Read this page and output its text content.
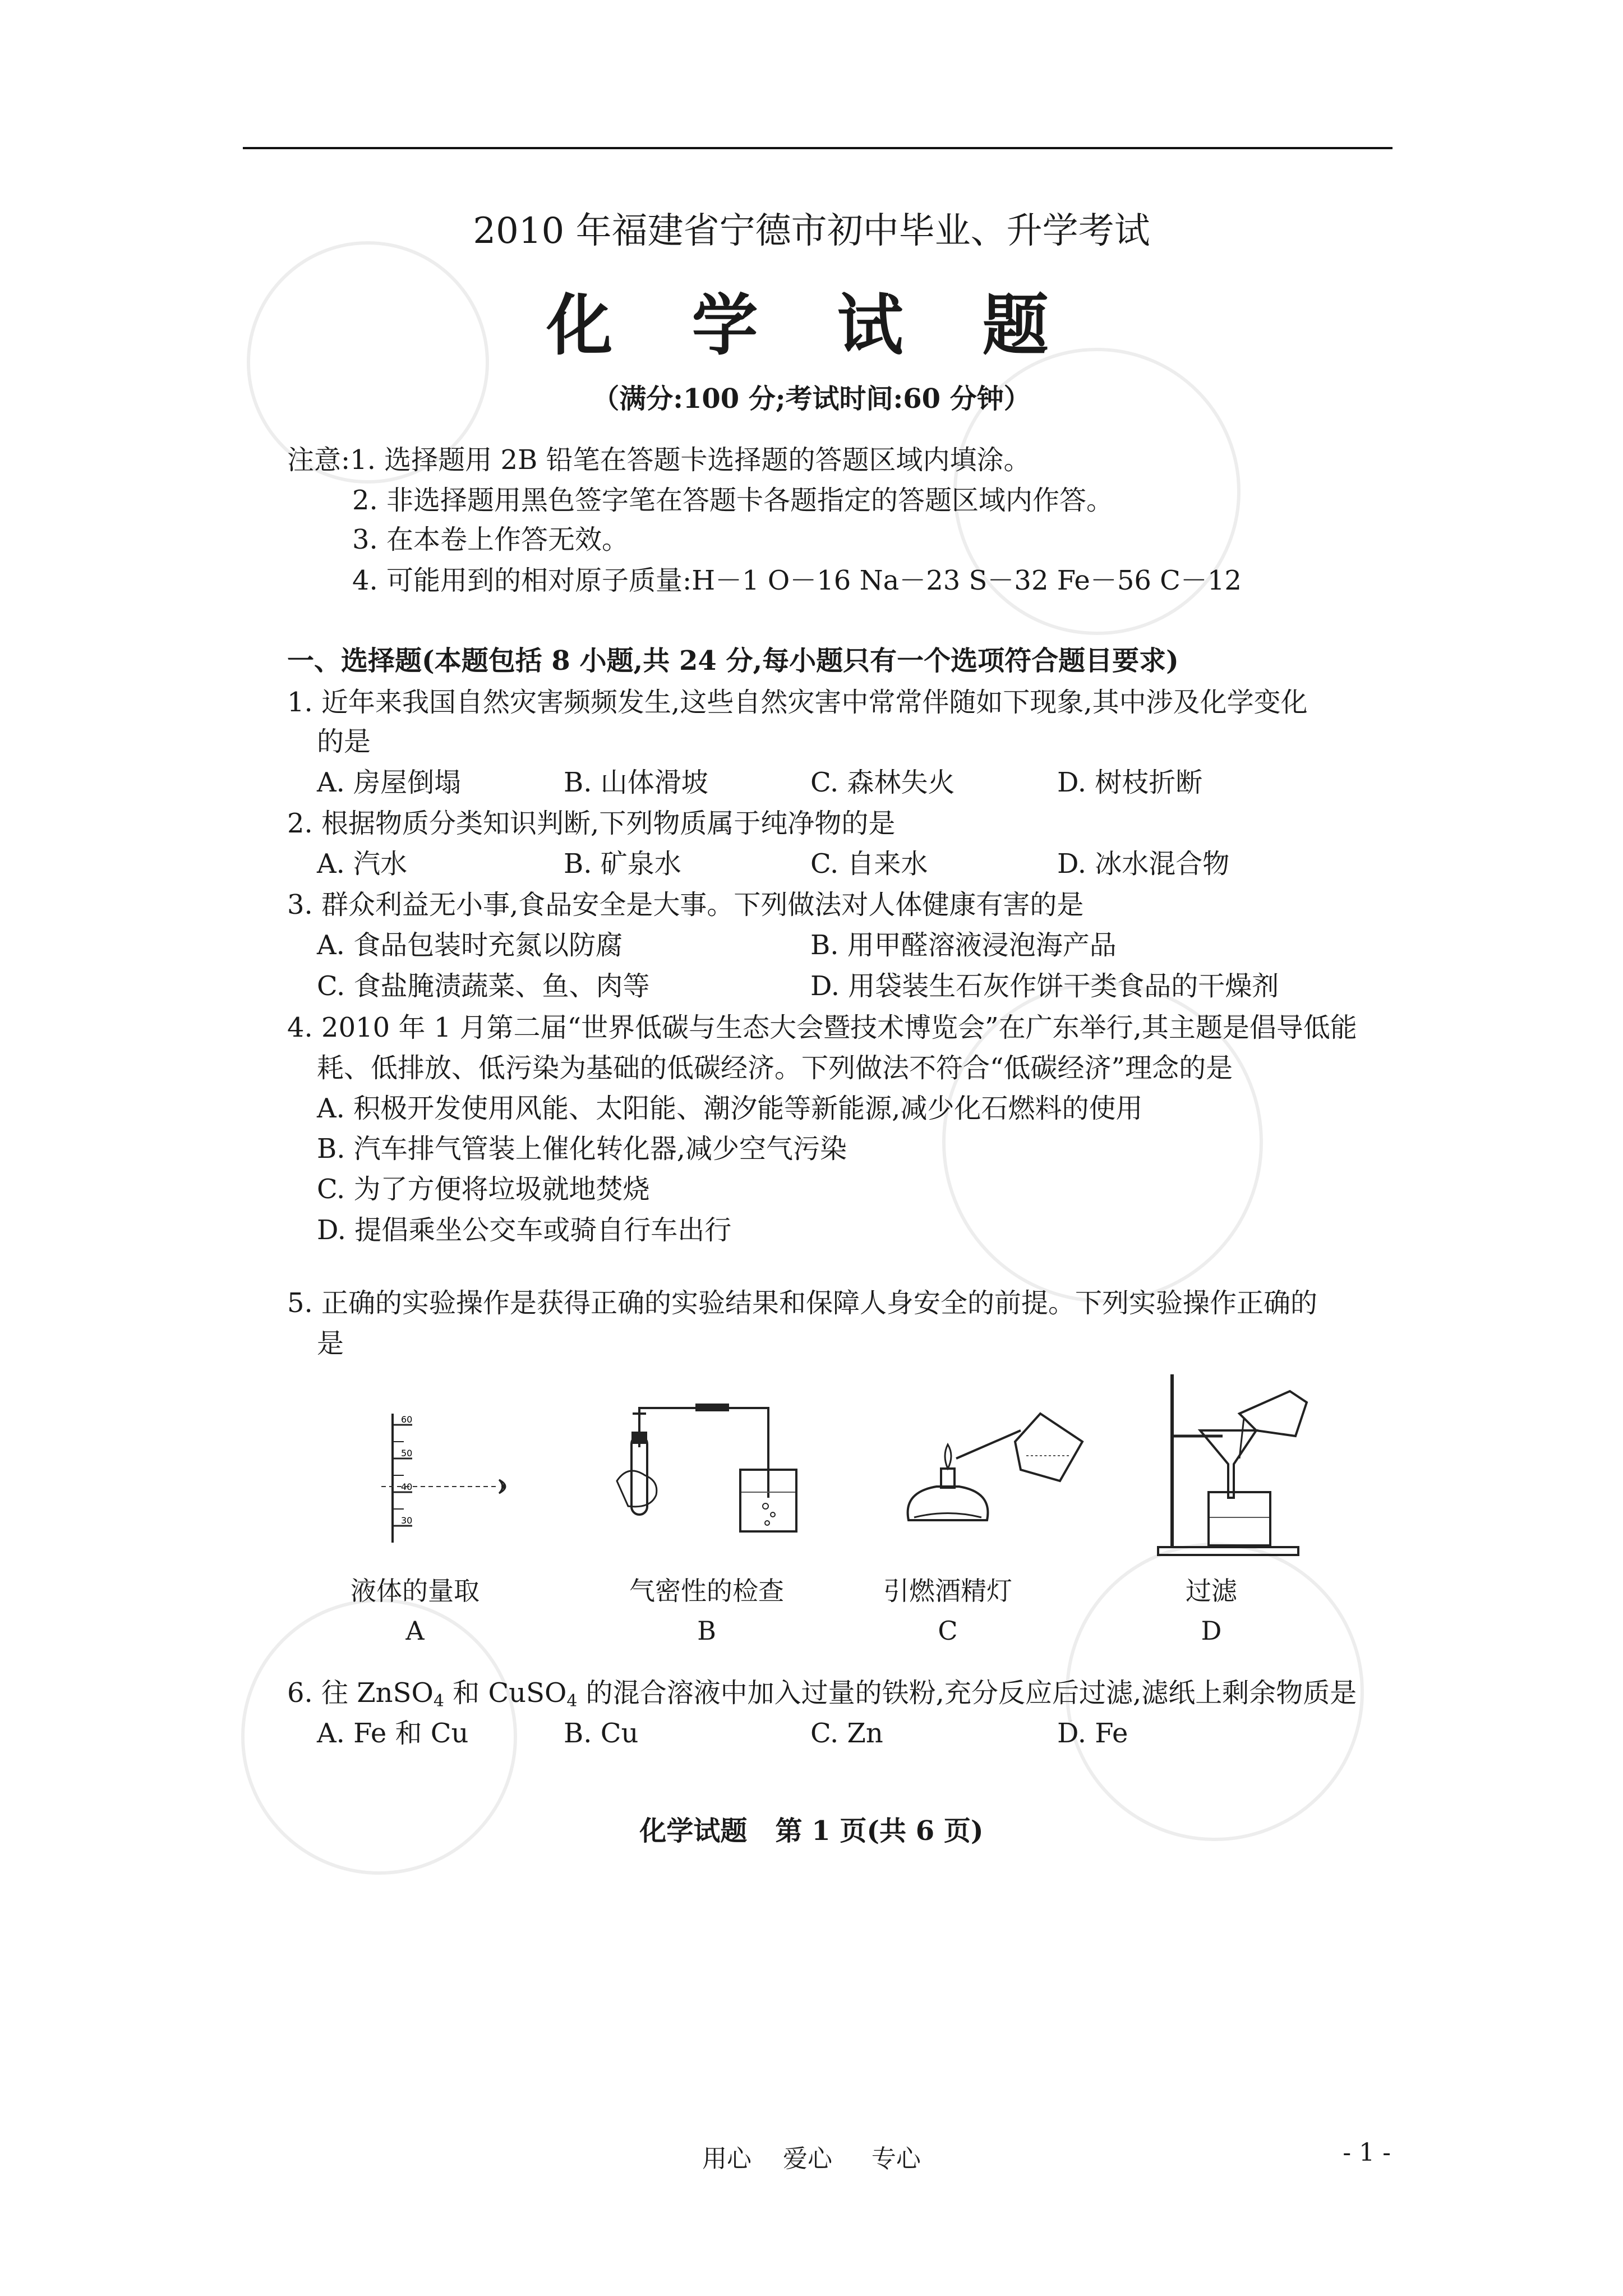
2010 年福建省宁德市初中毕业、升学考试
化 学 试 题
（满分:100 分;考试时间:60 分钟）
注意:1. 选择题用 2B 铅笔在答题卡选择题的答题区域内填涂。
2. 非选择题用黑色签字笔在答题卡各题指定的答题区域内作答。
3. 在本卷上作答无效。
4. 可能用到的相对原子质量:H－1 O－16 Na－23 S－32 Fe－56 C－12
一、选择题(本题包括 8 小题,共 24 分,每小题只有一个选项符合题目要求)
1. 近年来我国自然灾害频频发生,这些自然灾害中常常伴随如下现象,其中涉及化学变化
的是
A. 房屋倒塌	B. 山体滑坡	C. 森林失火	D. 树枝折断
2. 根据物质分类知识判断,下列物质属于纯净物的是
A. 汽水	B. 矿泉水	C. 自来水	D. 冰水混合物
3. 群众利益无小事,食品安全是大事。下列做法对人体健康有害的是
A. 食品包装时充氮以防腐	B. 用甲醛溶液浸泡海产品
C. 食盐腌渍蔬菜、鱼、肉等	D. 用袋装生石灰作饼干类食品的干燥剂
4. 2010 年 1 月第二届“世界低碳与生态大会暨技术博览会”在广东举行,其主题是倡导低能
耗、低排放、低污染为基础的低碳经济。下列做法不符合“低碳经济”理念的是
A. 积极开发使用风能、太阳能、潮汐能等新能源,减少化石燃料的使用
B. 汽车排气管装上催化转化器,减少空气污染
C. 为了方便将垃圾就地焚烧
D. 提倡乘坐公交车或骑自行车出行
5. 正确的实验操作是获得正确的实验结果和保障人身安全的前提。下列实验操作正确的
是
60
50
40
30
液体的量取
A
气密性的检查
B
引燃酒精灯
C
过滤
D
6. 往 ZnSO$_4$ 和 CuSO$_4$ 的混合溶液中加入过量的铁粉,充分反应后过滤,滤纸上剩余物质是
A. Fe 和 Cu	B. Cu	C. Zn	D. Fe
化学试题   第 1 页(共 6 页)
用心    爱心     专心	- 1 -
